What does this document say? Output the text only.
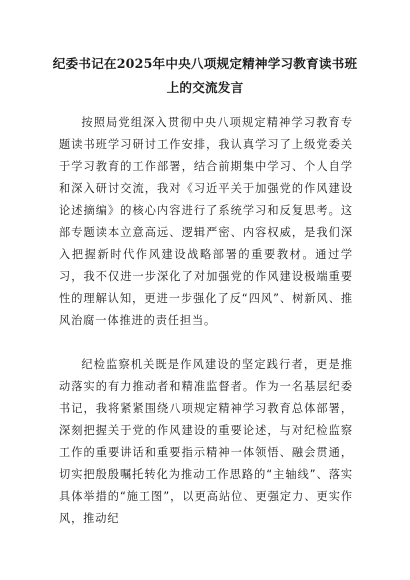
纪委书记在2025年中央八项规定精神学习教育读书班上的交流发言

按照局党组深入贯彻中央八项规定精神学习教育专题读书班学习研讨工作安排，我认真学习了上级党委关于学习教育的工作部署，结合前期集中学习、个人自学和深入研讨交流，我对《习近平关于加强党的作风建设论述摘编》的核心内容进行了系统学习和反复思考。这部专题读本立意高远、逻辑严密、内容权威，是我们深入把握新时代作风建设战略部署的重要教材。通过学习，我不仅进一步深化了对加强党的作风建设极端重要性的理解认知，更进一步强化了反“四风”、树新风、推风治腐一体推进的责任担当。

纪检监察机关既是作风建设的坚定践行者，更是推动落实的有力推动者和精准监督者。作为一名基层纪委书记，我将紧紧围绕八项规定精神学习教育总体部署，深刻把握关于党的作风建设的重要论述，与对纪检监察工作的重要讲话和重要指示精神一体领悟、融会贯通，切实把殷殷嘱托转化为推动工作思路的“主轴线”、落实具体举措的“施工图”，以更高站位、更强定力、更实作风，推动纪
